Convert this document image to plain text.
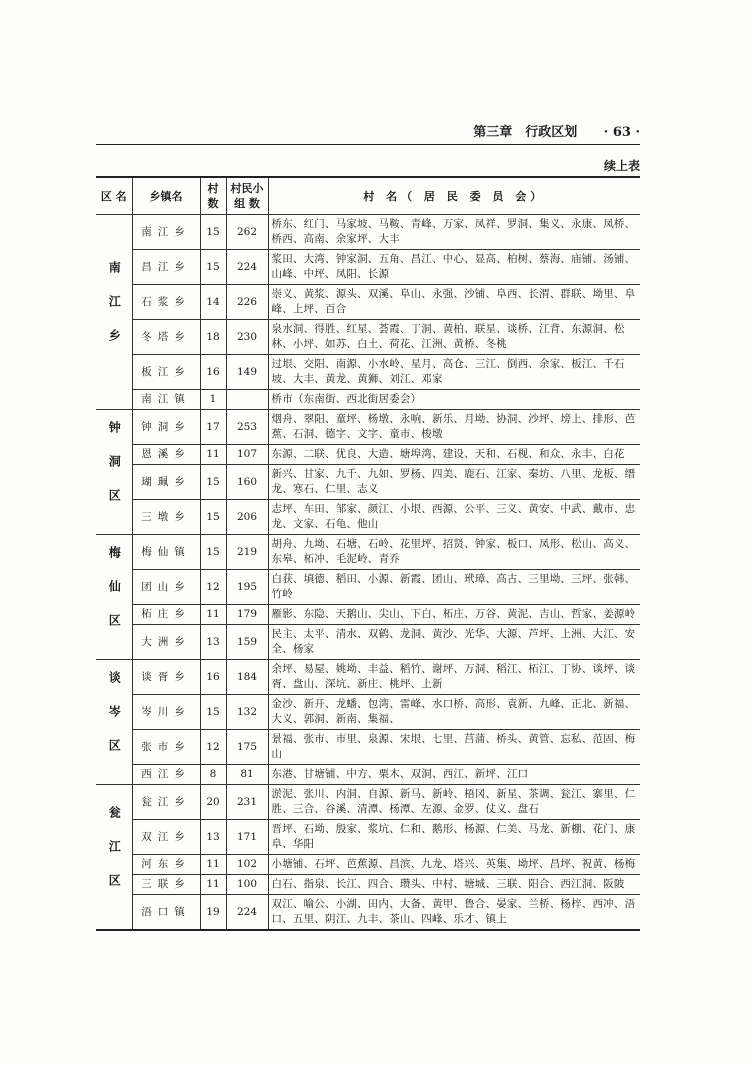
第三章　行政区划 · 63 ·
续上表
区 名	乡镇名	村数	村民小组 数	村 名（ 居 民 委 员 会）
南江乡	南江乡	15	262	桥东、红门、马家坡、马鞍、青峰、万家、凤祥、罗洞、集义、永康、凤桥、桥西、高南、余家坪、大丰
	昌江乡	15	224	浆田、大湾、钟家洞、五角、昌江、中心、显高、柏树、蔡海、庙铺、汤铺、山峰、中坪、凤阳、长源
	石浆乡	14	226	崇义、黄浆、源头、双溪、阜山、永强、沙铺、阜西、长渭、群联、坳里、阜峰、上坪、百合
	冬塔乡	18	230	泉水洞、得胜、红星、荟霞、丁洞、黄柏、联星、谈桥、江背、东源洞、松林、小坪、如苏、白土、荷花、江洲、黄桥、冬桃
	板江乡	16	149	过垠、交阳、南源、小水岭、星月、高仓、三江、倒西、余家、板江、千石坡、大丰、黄龙、黄狮、刘江、邓家
	南江镇	1		桥市（东南街、西北街居委会）
钟洞区	钟洞乡	17	253	烟舟、翠阳、童坪、杨墩、永响、新乐、月坳、协洞、沙坪、塝上、排形、芭蕉、石洞、德字、文字、童市、梭墩
	恩溪乡	11	107	东源、二联、优良、大造、塘埠湾、建设、天和、石枧、和众、永丰、白花
	瑚珮乡	15	160	新兴、甘家、九千、九如、罗杨、四美、鹿石、江家、秦坊、八里、龙板、缙龙、寒石、仁里、志义
	三墩乡	15	206	志坪、车田、邹家、颜江、小垠、西源、公平、三义、黄安、中武、戴市、忠龙、文家、石龟、他山
梅仙区	梅仙镇	15	219	胡舟、九坳、石塘、石岭、花里坪、招贤、钟家、板口、凤形、松山、高义、东皋、柘冲、毛泥岭、青乔
	团山乡	12	195	白获、填德、稻田、小源、新霞、团山、玳璋、高古、三里坳、三坪、张韩、竹岭
	柘庄乡	11	179	雁影、东隐、天鹅山、尖山、下白、柘庄、万谷、黄泥、吉山、哲家、姜源岭
	大洲乡	13	159	民主、太平、清水、双鹤、龙洞、黄沙、光华、大源、芦坪、上洲、大江、安全、杨家
谈岑区	谈胥乡	16	184	余坪、易屋、姚坳、丰益、稻竹、谢坪、万洞、稻江、柘江、丁协、谈坪、谈胥、盘山、深坑、新庄、桃坪、上新
	岑川乡	15	132	金沙、新开、龙蟠、包湾、雷峰、水口桥、高形、袁新、九峰、正北、新福、大义、郭洞、新南、集福、
	张市乡	12	175	景福、张市、市里、泉源、宋垠、七里、莒蒲、桥头、黄管、忘私、范固、梅山
	西江乡	8	81	东港、甘塘铺、中方、栗木、双洞、西江、新坪、江口
瓮江区	瓮江乡	20	231	淤泥、张川、内洞、自源、新马、新岭、梧冈、新星、茶调、瓮江、寨里、仁胜、三合、谷溪、清潭、杨潭、左源、金罗、仗义、盘石
	双江乡	13	171	晋坪、石坳、殷家、浆坑、仁和、鹅形、杨源、仁美、马龙、新棚、花门、康阜、华阳
	河东乡	11	102	小塘铺、石坪、芭蕉源、昌滨、九龙、塔兴、英集、坳坪、昌坪、祝黄、杨梅
	三联乡	11	100	白石、指泉、长江、四合、瓒头、中村、塘城、三联、阳合、西江洞、阪陂
	浯口镇	19	224	双江、喻公、小湖、田内、大备、黄甲、鲁合、晏家、兰桥、杨梓、西冲、浯口、五里、阴江、九丰、茶山、四峰、乐才、镇上
